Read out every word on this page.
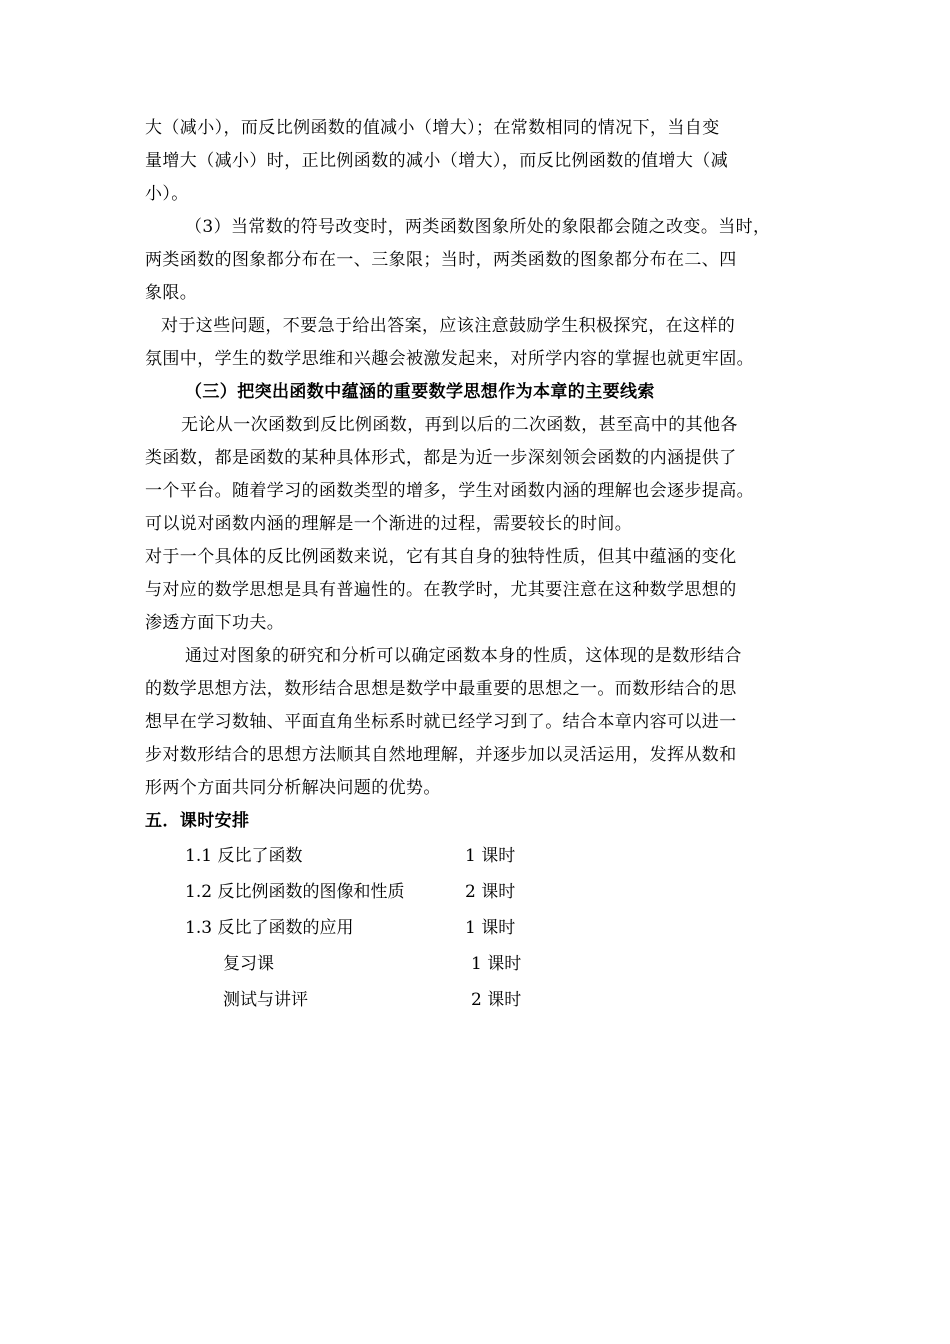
大（减小），而反比例函数的值减小（增大）；在常数相同的情况下，当自变
量增大（减小）时，正比例函数的减小（增大），而反比例函数的值增大（减
小）。
（3）当常数的符号改变时，两类函数图象所处的象限都会随之改变。当时，
两类函数的图象都分布在一、三象限；当时，两类函数的图象都分布在二、四
象限。
对于这些问题，不要急于给出答案，应该注意鼓励学生积极探究，在这样的
氛围中，学生的数学思维和兴趣会被激发起来，对所学内容的掌握也就更牢固。
（三）把突出函数中蕴涵的重要数学思想作为本章的主要线索
无论从一次函数到反比例函数，再到以后的二次函数，甚至高中的其他各
类函数，都是函数的某种具体形式，都是为近一步深刻领会函数的内涵提供了
一个平台。随着学习的函数类型的增多，学生对函数内涵的理解也会逐步提高。
可以说对函数内涵的理解是一个渐进的过程，需要较长的时间。
对于一个具体的反比例函数来说，它有其自身的独特性质，但其中蕴涵的变化
与对应的数学思想是具有普遍性的。在教学时，尤其要注意在这种数学思想的
渗透方面下功夫。
通过对图象的研究和分析可以确定函数本身的性质，这体现的是数形结合
的数学思想方法，数形结合思想是数学中最重要的思想之一。而数形结合的思
想早在学习数轴、平面直角坐标系时就已经学习到了。结合本章内容可以进一
步对数形结合的思想方法顺其自然地理解，并逐步加以灵活运用，发挥从数和
形两个方面共同分析解决问题的优势。
五．课时安排
1.1 反比了函数	1 课时
1.2 反比例函数的图像和性质	2 课时
1.3 反比了函数的应用	1 课时
复习课	1 课时
测试与讲评	2 课时
